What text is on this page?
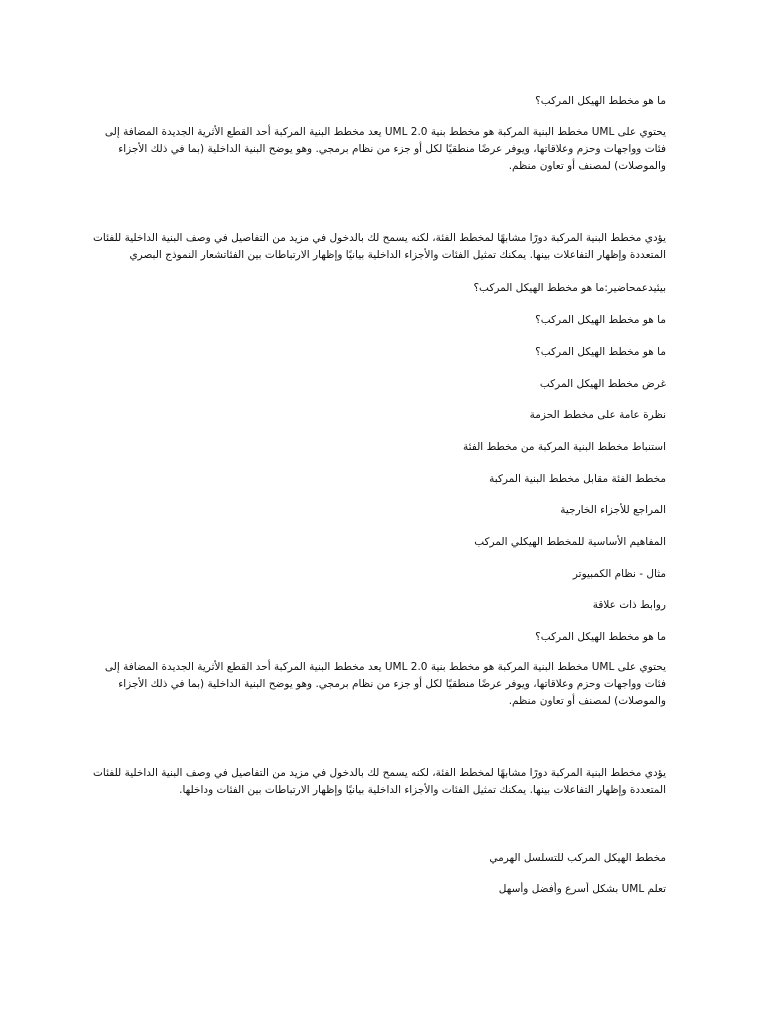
ما هو مخطط الهيكل المركب؟
يحتوي على UML مخطط البنية المركبة هو مخطط بنية UML 2.0 يعد مخطط البنية المركبة أحد القطع الأثرية الجديدة المضافة إلى
فئات وواجهات وحزم وعلاقاتها، ويوفر عرضًا منطقيًا لكل أو جزء من نظام برمجي. وهو يوضح البنية الداخلية (بما في ذلك الأجزاء
والموصلات) لمصنف أو تعاون منظم.
يؤدي مخطط البنية المركبة دورًا مشابهًا لمخطط الفئة، لكنه يسمح لك بالدخول في مزيد من التفاصيل في وصف البنية الداخلية للفئات
المتعددة وإظهار التفاعلات بينها. يمكنك تمثيل الفئات والأجزاء الداخلية بيانيًا وإظهار الارتباطات بين الفئاتشعار النموذج البصري
بيئيدعمحاضير:ما هو مخطط الهيكل المركب؟
ما هو مخطط الهيكل المركب؟
ما هو مخطط الهيكل المركب؟
غرض مخطط الهيكل المركب
نظرة عامة على مخطط الحزمة
استنباط مخطط البنية المركبة من مخطط الفئة
مخطط الفئة مقابل مخطط البنية المركبة
المراجع للأجزاء الخارجية
المفاهيم الأساسية للمخطط الهيكلي المركب
مثال - نظام الكمبيوتر
روابط ذات علاقة
ما هو مخطط الهيكل المركب؟
يحتوي على UML مخطط البنية المركبة هو مخطط بنية UML 2.0 يعد مخطط البنية المركبة أحد القطع الأثرية الجديدة المضافة إلى
فئات وواجهات وحزم وعلاقاتها، ويوفر عرضًا منطقيًا لكل أو جزء من نظام برمجي. وهو يوضح البنية الداخلية (بما في ذلك الأجزاء
والموصلات) لمصنف أو تعاون منظم.
يؤدي مخطط البنية المركبة دورًا مشابهًا لمخطط الفئة، لكنه يسمح لك بالدخول في مزيد من التفاصيل في وصف البنية الداخلية للفئات
المتعددة وإظهار التفاعلات بينها. يمكنك تمثيل الفئات والأجزاء الداخلية بيانيًا وإظهار الارتباطات بين الفئات وداخلها.
مخطط الهيكل المركب للتسلسل الهرمي
تعلم UML بشكل أسرع وأفضل وأسهل
